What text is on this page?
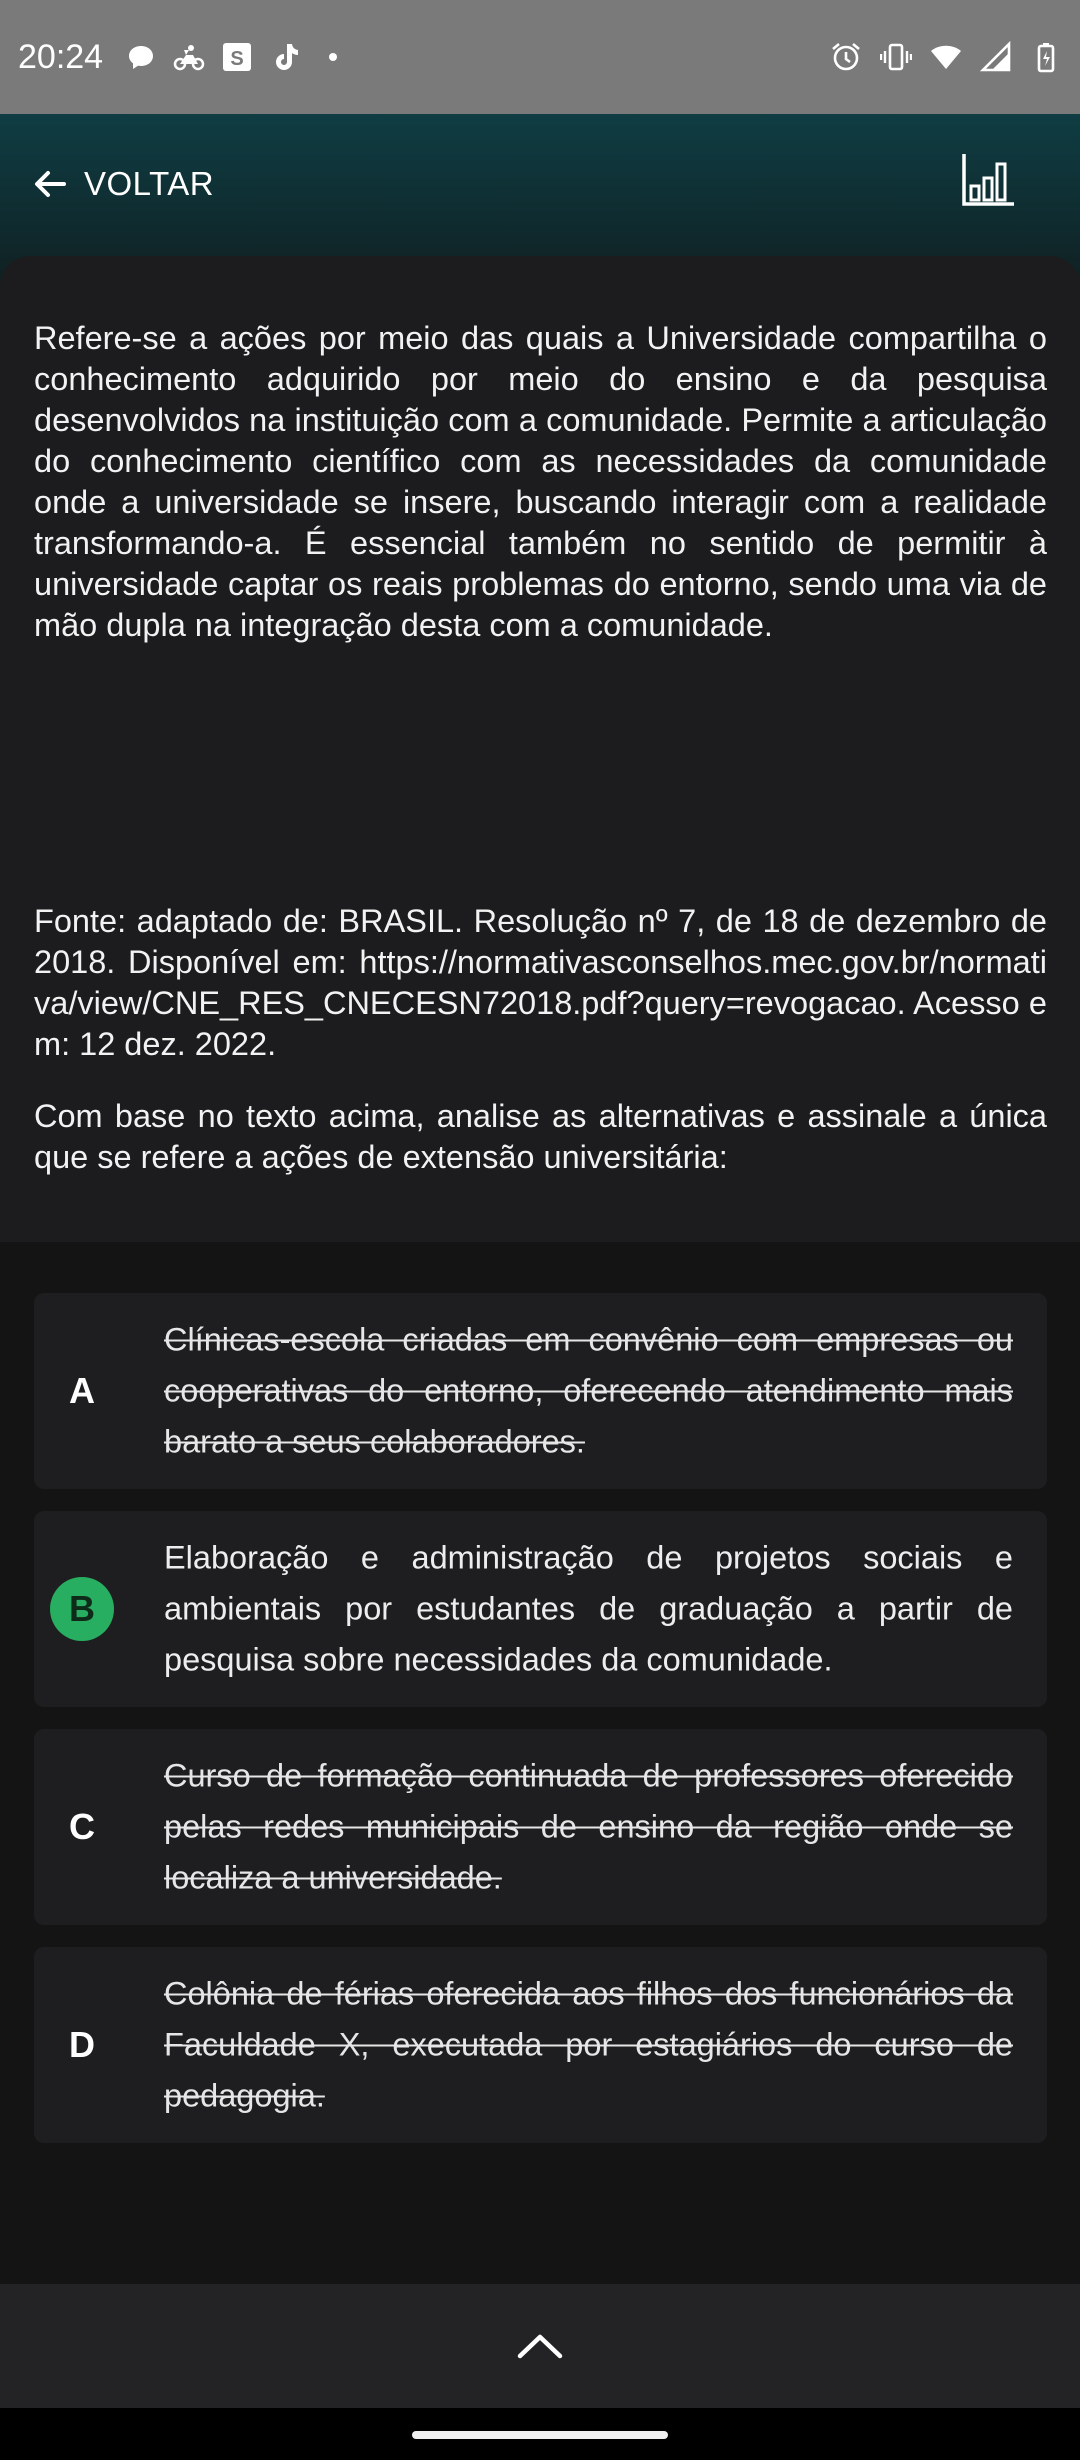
20:24	S
VOLTAR

Refere-se a ações por meio das quais a Universidade compartilha o conhecimento adquirido por meio do ensino e da pesquisa desenvolvidos na instituição com a comunidade. Permite a articulação do conhecimento científico com as necessidades da comunidade onde a universidade se insere, buscando interagir com a realidade transformando-a. É essencial também no sentido de permitir à universidade captar os reais problemas do entorno, sendo uma via de mão dupla na integração desta com a comunidade.

Fonte: adaptado de: BRASIL. Resolução nº 7, de 18 de dezembro de 2018. Disponível em: https://normativasconselhos.mec.gov.br/normativa/view/CNE_RES_CNECESN72018.pdf?query=revogacao. Acesso em: 12 dez. 2022.

Com base no texto acima, analise as alternativas e assinale a única que se refere a ações de extensão universitária:

A
Clínicas-escola criadas em convênio com empresas ou cooperativas do entorno, oferecendo atendimento mais barato a seus colaboradores.
B
Elaboração e administração de projetos sociais e ambientais por estudantes de graduação a partir de pesquisa sobre necessidades da comunidade.
C
Curso de formação continuada de professores oferecido pelas redes municipais de ensino da região onde se localiza a universidade.
D
Colônia de férias oferecida aos filhos dos funcionários da Faculdade X, executada por estagiários do curso de pedagogia.
